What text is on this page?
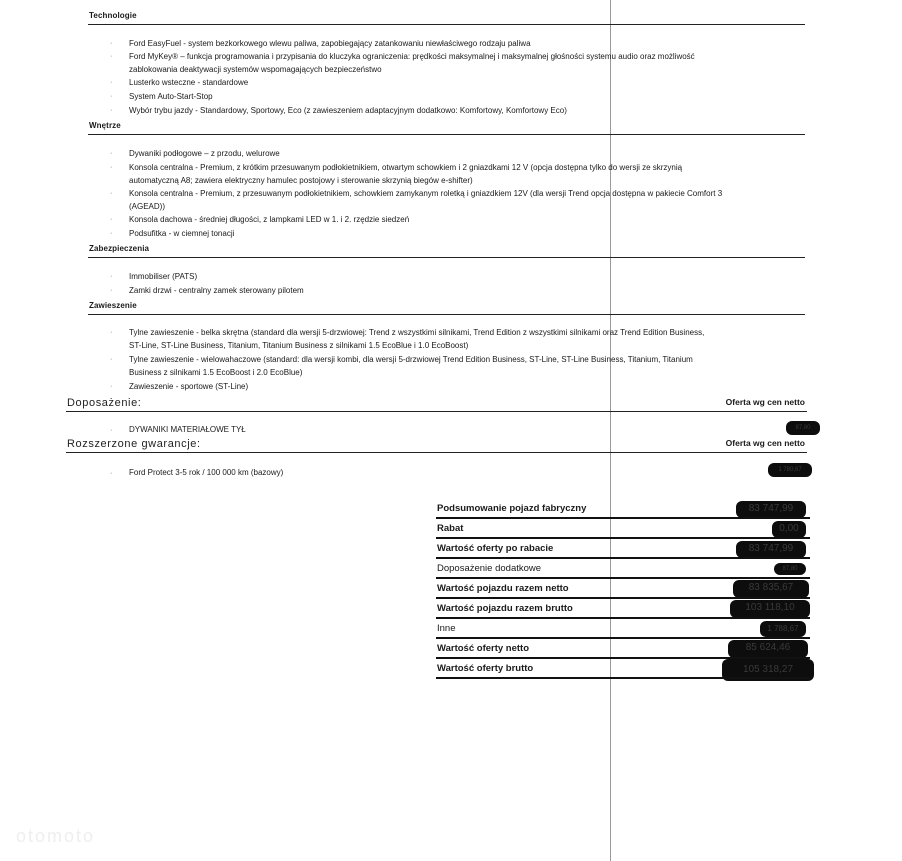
Technologie
· Ford EasyFuel - system bezkorkowego wlewu paliwa, zapobiegający zatankowaniu niewłaściwego rodzaju paliwa
· Ford MyKey® – funkcja programowania i przypisania do kluczyka ograniczenia: prędkości maksymalnej i maksymalnej głośności systemu audio oraz możliwość
zablokowania deaktywacji systemów wspomagających bezpieczeństwo
· Lusterko wsteczne - standardowe
· System Auto-Start-Stop
· Wybór trybu jazdy - Standardowy, Sportowy, Eco (z zawieszeniem adaptacyjnym dodatkowo: Komfortowy, Komfortowy Eco)
Wnętrze
· Dywaniki podłogowe – z przodu, welurowe
· Konsola centralna - Premium, z krótkim przesuwanym podłokietnikiem, otwartym schowkiem i 2 gniazdkami 12 V (opcja dostępna tylko do wersji ze skrzynią
automatyczną A8; zawiera elektryczny hamulec postojowy i sterowanie skrzynią biegów e-shifter)
· Konsola centralna - Premium, z przesuwanym podłokietnikiem, schowkiem zamykanym roletką i gniazdkiem 12V (dla wersji Trend opcja dostępna w pakiecie Comfort 3
(AGEAD))
· Konsola dachowa - średniej długości, z lampkami LED w 1. i 2. rzędzie siedzeń
· Podsufitka - w ciemnej tonacji
Zabezpieczenia
· Immobiliser (PATS)
· Zamki drzwi - centralny zamek sterowany pilotem
Zawieszenie
· Tylne zawieszenie - belka skrętna (standard dla wersji 5-drzwiowej: Trend z wszystkimi silnikami, Trend Edition z wszystkimi silnikami oraz Trend Edition Business,
ST-Line, ST-Line Business, Titanium, Titanium Business z silnikami 1.5 EcoBlue i 1.0 EcoBoost)
· Tylne zawieszenie - wielowahaczowe (standard: dla wersji kombi, dla wersji 5-drzwiowej Trend Edition Business, ST-Line, ST-Line Business, Titanium, Titanium
Business z silnikami 1.5 EcoBoost i 2.0 EcoBlue)
· Zawieszenie - sportowe (ST-Line)
Doposażenie:	Oferta wg cen netto
· DYWANIKI MATERIAŁOWE TYŁ	87,80
Rozszerzone gwarancje:	Oferta wg cen netto
· Ford Protect 3-5 rok / 100 000 km (bazowy)	1 780,67
Podsumowanie pojazd fabryczny	83 747,99
Rabat	0,00
Wartość oferty po rabacie	83 747,99
Doposażenie dodatkowe	87,80
Wartość pojazdu razem netto	83 835,67
Wartość pojazdu razem brutto	103 118,10
Inne	1 788,67
Wartość oferty netto	85 624,46
Wartość oferty brutto	105 318,27
otomoto
